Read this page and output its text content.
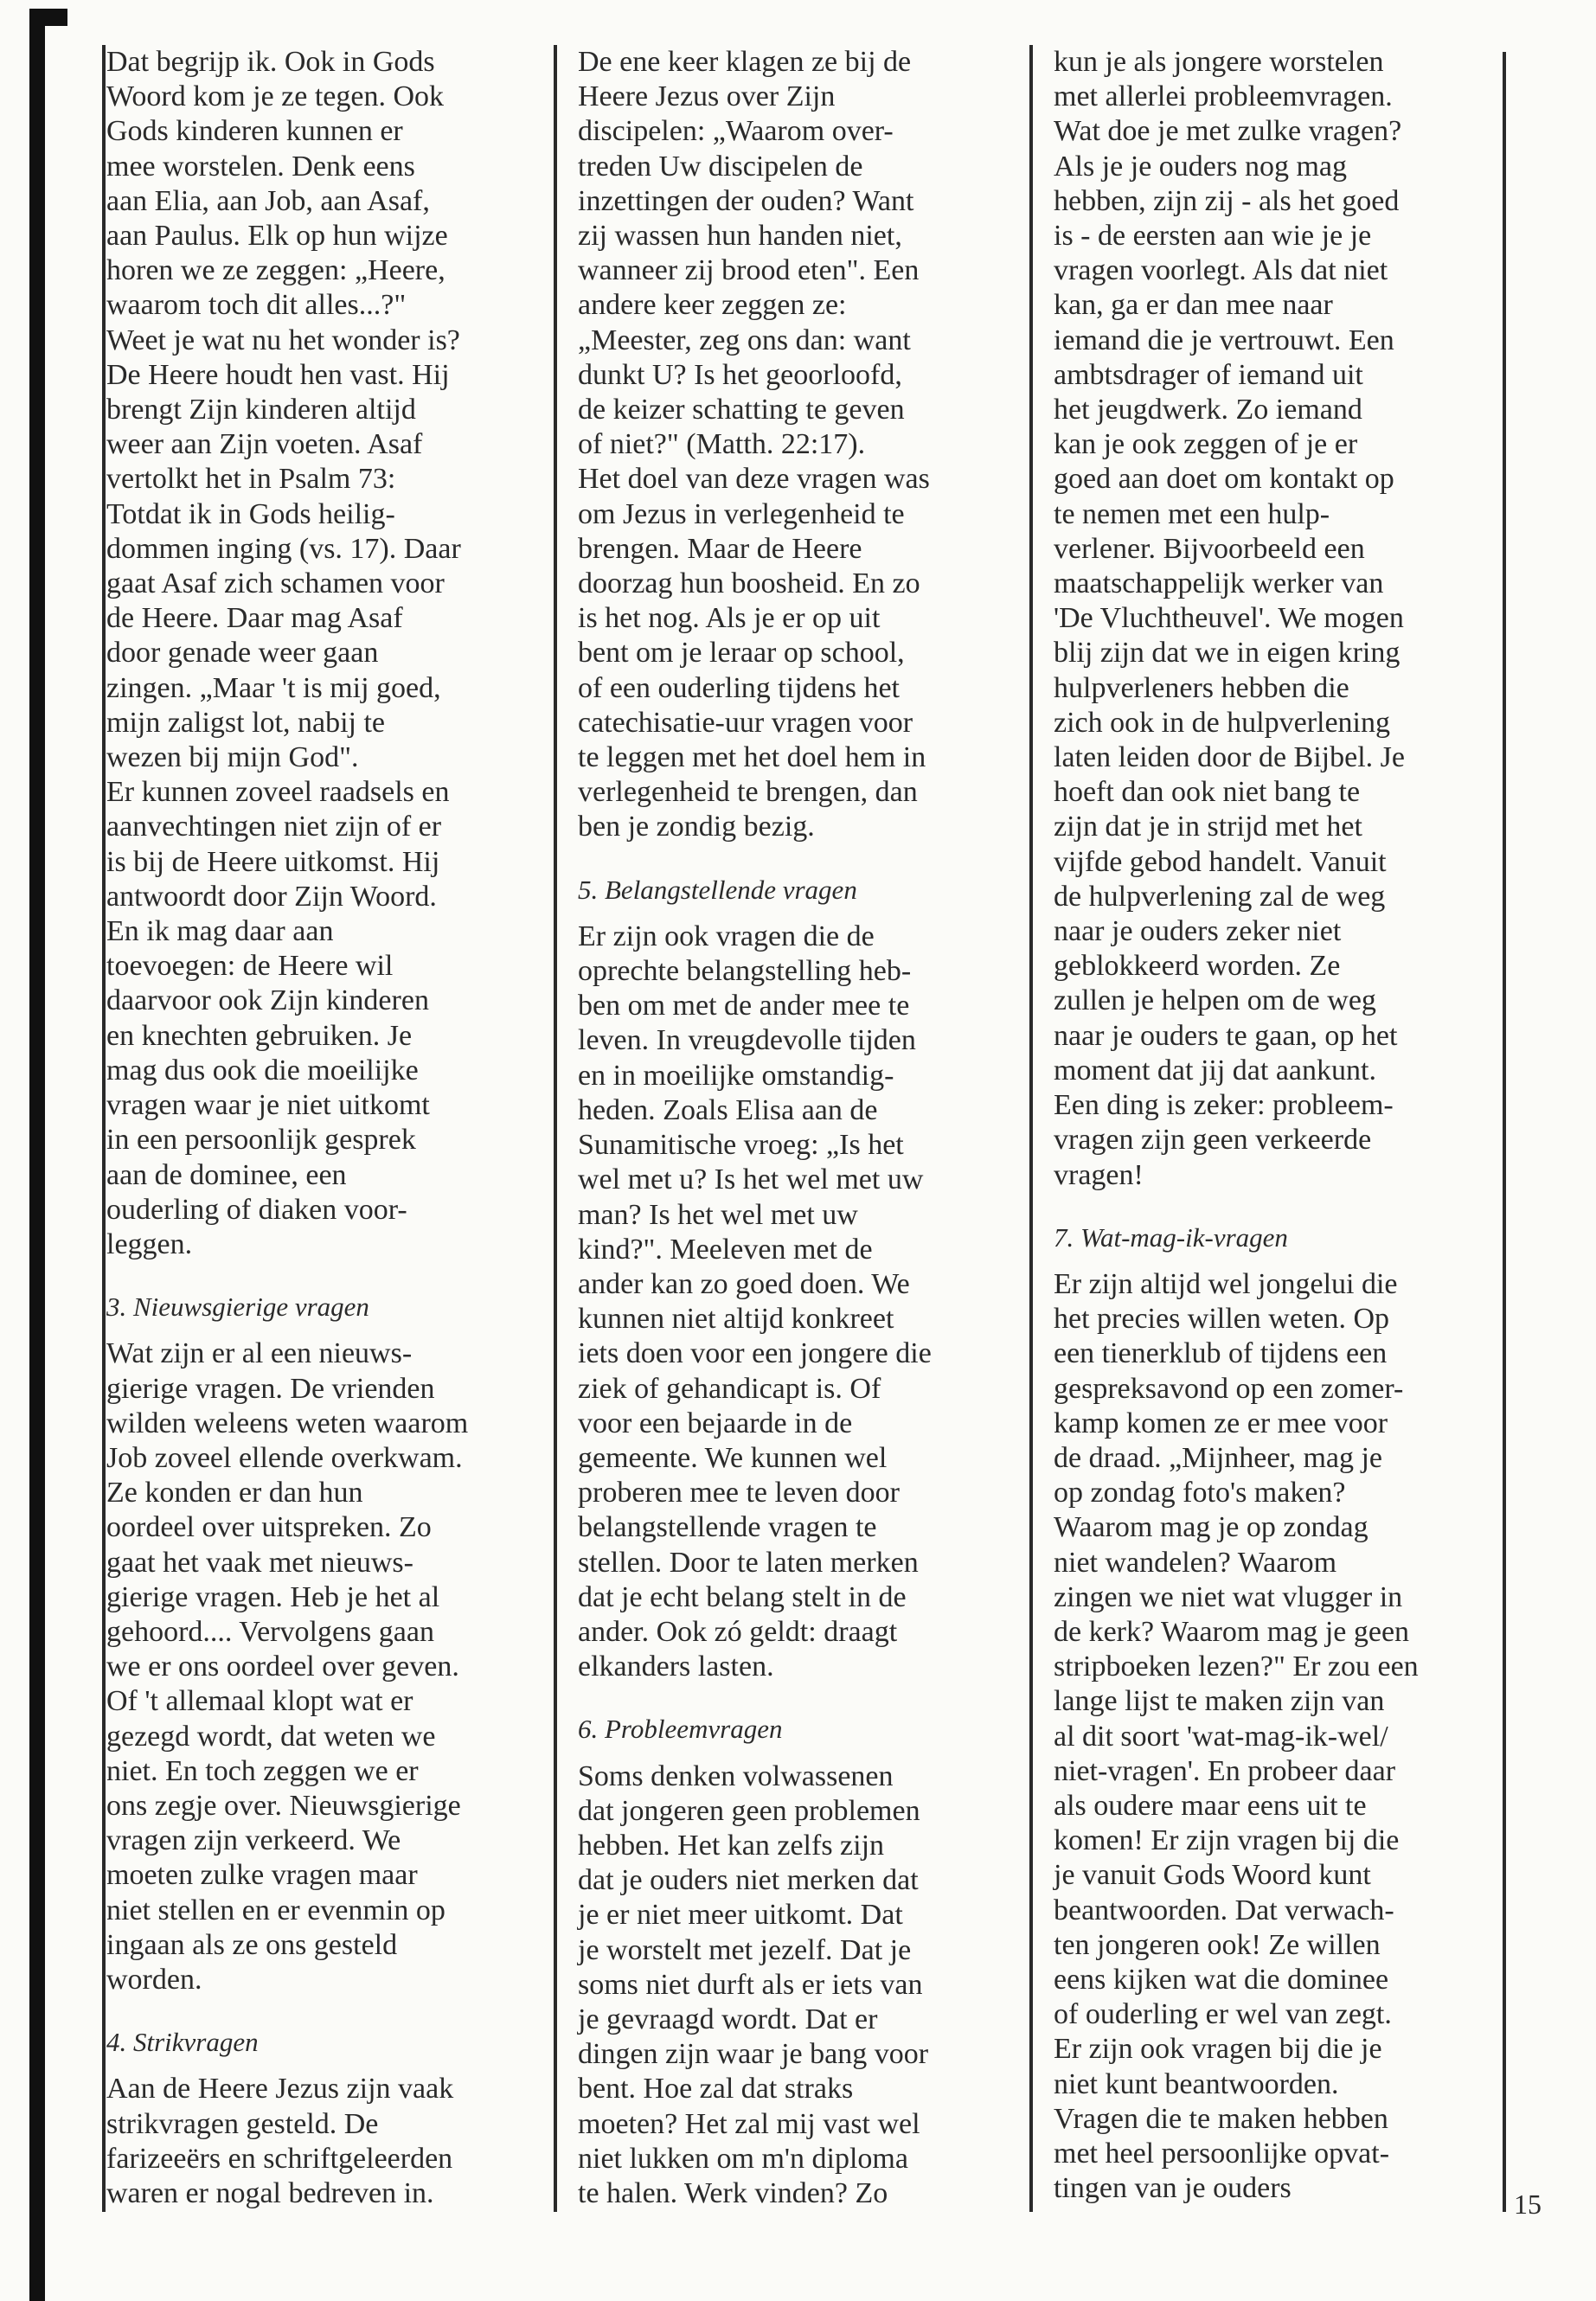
Dat begrijp ik. Ook in Gods

Woord kom je ze tegen. Ook

Gods kinderen kunnen er

mee worstelen. Denk eens

aan Elia, aan Job, aan Asaf,

aan Paulus. Elk op hun wijze

horen we ze zeggen: „Heere,

waarom toch dit alles...?"

Weet je wat nu het wonder is?

De Heere houdt hen vast. Hij

brengt Zijn kinderen altijd

weer aan Zijn voeten. Asaf

vertolkt het in Psalm 73:

Totdat ik in Gods heilig-

dommen inging (vs. 17). Daar

gaat Asaf zich schamen voor

de Heere. Daar mag Asaf

door genade weer gaan

zingen. „Maar 't is mij goed,

mijn zaligst lot, nabij te

wezen bij mijn God".

Er kunnen zoveel raadsels en

aanvechtingen niet zijn of er

is bij de Heere uitkomst. Hij

antwoordt door Zijn Woord.

En ik mag daar aan

toevoegen: de Heere wil

daarvoor ook Zijn kinderen

en knechten gebruiken. Je

mag dus ook die moeilijke

vragen waar je niet uitkomt

in een persoonlijk gesprek

aan de dominee, een

ouderling of diaken voor-

leggen.

3. Nieuwsgierige vragen

Wat zijn er al een nieuws-

gierige vragen. De vrienden

wilden weleens weten waarom

Job zoveel ellende overkwam.

Ze konden er dan hun

oordeel over uitspreken. Zo

gaat het vaak met nieuws-

gierige vragen. Heb je het al

gehoord.... Vervolgens gaan

we er ons oordeel over geven.

Of 't allemaal klopt wat er

gezegd wordt, dat weten we

niet. En toch zeggen we er

ons zegje over. Nieuwsgierige

vragen zijn verkeerd. We

moeten zulke vragen maar

niet stellen en er evenmin op

ingaan als ze ons gesteld

worden.

4. Strikvragen

Aan de Heere Jezus zijn vaak

strikvragen gesteld. De

farizeeërs en schriftgeleerden

waren er nogal bedreven in.

De ene keer klagen ze bij de

Heere Jezus over Zijn

discipelen: „Waarom over-

treden Uw discipelen de

inzettingen der ouden? Want

zij wassen hun handen niet,

wanneer zij brood eten". Een

andere keer zeggen ze:

„Meester, zeg ons dan: want

dunkt U? Is het geoorloofd,

de keizer schatting te geven

of niet?" (Matth. 22:17).

Het doel van deze vragen was

om Jezus in verlegenheid te

brengen. Maar de Heere

doorzag hun boosheid. En zo

is het nog. Als je er op uit

bent om je leraar op school,

of een ouderling tijdens het

catechisatie-uur vragen voor

te leggen met het doel hem in

verlegenheid te brengen, dan

ben je zondig bezig.

5. Belangstellende vragen

Er zijn ook vragen die de

oprechte belangstelling heb-

ben om met de ander mee te

leven. In vreugdevolle tijden

en in moeilijke omstandig-

heden. Zoals Elisa aan de

Sunamitische vroeg: „Is het

wel met u? Is het wel met uw

man? Is het wel met uw

kind?". Meeleven met de

ander kan zo goed doen. We

kunnen niet altijd konkreet

iets doen voor een jongere die

ziek of gehandicapt is. Of

voor een bejaarde in de

gemeente. We kunnen wel

proberen mee te leven door

belangstellende vragen te

stellen. Door te laten merken

dat je echt belang stelt in de

ander. Ook zó geldt: draagt

elkanders lasten.

6. Probleemvragen

Soms denken volwassenen

dat jongeren geen problemen

hebben. Het kan zelfs zijn

dat je ouders niet merken dat

je er niet meer uitkomt. Dat

je worstelt met jezelf. Dat je

soms niet durft als er iets van

je gevraagd wordt. Dat er

dingen zijn waar je bang voor

bent. Hoe zal dat straks

moeten? Het zal mij vast wel

niet lukken om m'n diploma

te halen. Werk vinden? Zo

kun je als jongere worstelen

met allerlei probleemvragen.

Wat doe je met zulke vragen?

Als je je ouders nog mag

hebben, zijn zij - als het goed

is - de eersten aan wie je je

vragen voorlegt. Als dat niet

kan, ga er dan mee naar

iemand die je vertrouwt. Een

ambtsdrager of iemand uit

het jeugdwerk. Zo iemand

kan je ook zeggen of je er

goed aan doet om kontakt op

te nemen met een hulp-

verlener. Bijvoorbeeld een

maatschappelijk werker van

'De Vluchtheuvel'. We mogen

blij zijn dat we in eigen kring

hulpverleners hebben die

zich ook in de hulpverlening

laten leiden door de Bijbel. Je

hoeft dan ook niet bang te

zijn dat je in strijd met het

vijfde gebod handelt. Vanuit

de hulpverlening zal de weg

naar je ouders zeker niet

geblokkeerd worden. Ze

zullen je helpen om de weg

naar je ouders te gaan, op het

moment dat jij dat aankunt.

Een ding is zeker: probleem-

vragen zijn geen verkeerde

vragen!

7. Wat-mag-ik-vragen

Er zijn altijd wel jongelui die

het precies willen weten. Op

een tienerklub of tijdens een

gespreksavond op een zomer-

kamp komen ze er mee voor

de draad. „Mijnheer, mag je

op zondag foto's maken?

Waarom mag je op zondag

niet wandelen? Waarom

zingen we niet wat vlugger in

de kerk? Waarom mag je geen

stripboeken lezen?" Er zou een

lange lijst te maken zijn van

al dit soort 'wat-mag-ik-wel/

niet-vragen'. En probeer daar

als oudere maar eens uit te

komen! Er zijn vragen bij die

je vanuit Gods Woord kunt

beantwoorden. Dat verwach-

ten jongeren ook! Ze willen

eens kijken wat die dominee

of ouderling er wel van zegt.

Er zijn ook vragen bij die je

niet kunt beantwoorden.

Vragen die te maken hebben

met heel persoonlijke opvat-

tingen van je ouders	15
